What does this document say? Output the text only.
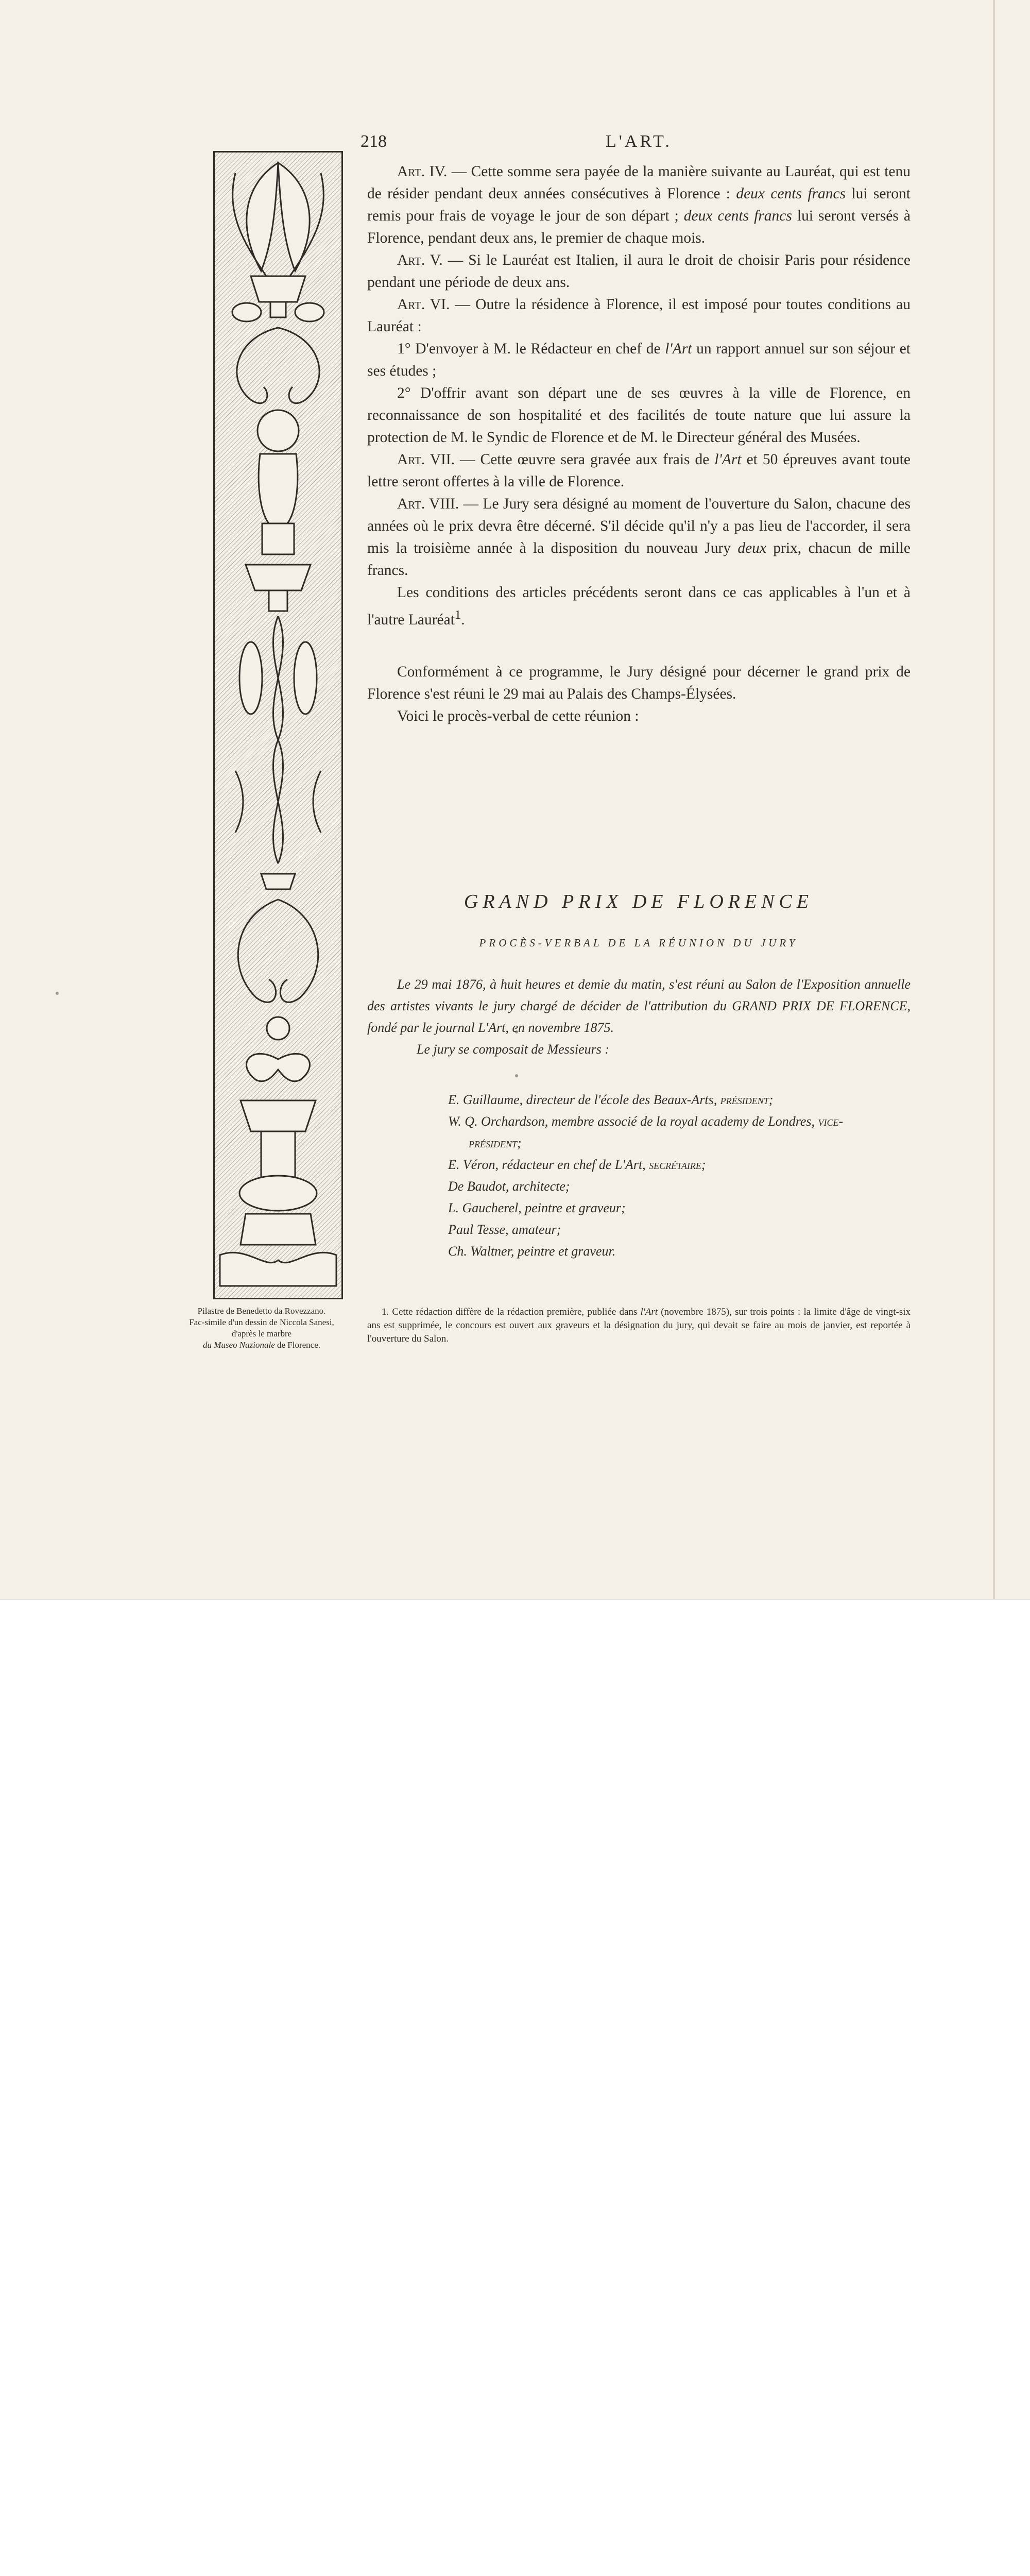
218	L'ART.
Pilastre de Benedetto da Rovezzano.
Fac-simile d'un dessin de Niccola Sanesi,
d'après le marbre
du Museo Nazionale de Florence.

Art. IV. — Cette somme sera payée de la manière suivante au Lauréat, qui est tenu de résider pendant deux années consécutives à Florence : deux cents francs lui seront remis pour frais de voyage le jour de son départ ; deux cents francs lui seront versés à Florence, pendant deux ans, le premier de chaque mois.

Art. V. — Si le Lauréat est Italien, il aura le droit de choisir Paris pour résidence pendant une période de deux ans.

Art. VI. — Outre la résidence à Florence, il est imposé pour toutes conditions au Lauréat :

1° D'envoyer à M. le Rédacteur en chef de l'Art un rapport annuel sur son séjour et ses études ;

2° D'offrir avant son départ une de ses œuvres à la ville de Florence, en reconnaissance de son hospitalité et des facilités de toute nature que lui assure la protection de M. le Syndic de Florence et de M. le Directeur général des Musées.

Art. VII. — Cette œuvre sera gravée aux frais de l'Art et 50 épreuves avant toute lettre seront offertes à la ville de Florence.

Art. VIII. — Le Jury sera désigné au moment de l'ouverture du Salon, chacune des années où le prix devra être décerné. S'il décide qu'il n'y a pas lieu de l'accorder, il sera mis la troisième année à la disposition du nouveau Jury deux prix, chacun de mille francs.

Les conditions des articles précédents seront dans ce cas applicables à l'un et à l'autre Lauréat$^1$.

Conformément à ce programme, le Jury désigné pour décerner le grand prix de Florence s'est réuni le 29 mai au Palais des Champs-Élysées.

Voici le procès-verbal de cette réunion :

GRAND PRIX DE FLORENCE
PROCÈS-VERBAL DE LA RÉUNION DU JURY

Le 29 mai 1876, à huit heures et demie du matin, s'est réuni au Salon de l'Exposition annuelle des artistes vivants le jury chargé de décider de l'attribution du GRAND PRIX DE FLORENCE, fondé par le journal L'Art, en novembre 1875.

Le jury se composait de Messieurs :

E. Guillaume, directeur de l'école des Beaux-Arts, président;
W. Q. Orchardson, membre associé de la royal academy de Londres, vice-
président;
E. Véron, rédacteur en chef de L'Art, secrétaire;
De Baudot, architecte;
L. Gaucherel, peintre et graveur;
Paul Tesse, amateur;
Ch. Waltner, peintre et graveur.
1. Cette rédaction diffère de la rédaction première, publiée dans l'Art (novembre 1875), sur trois points : la limite d'âge de vingt-six ans est supprimée, le concours est ouvert aux graveurs et la désignation du jury, qui devait se faire au mois de janvier, est reportée à l'ouverture du Salon.
